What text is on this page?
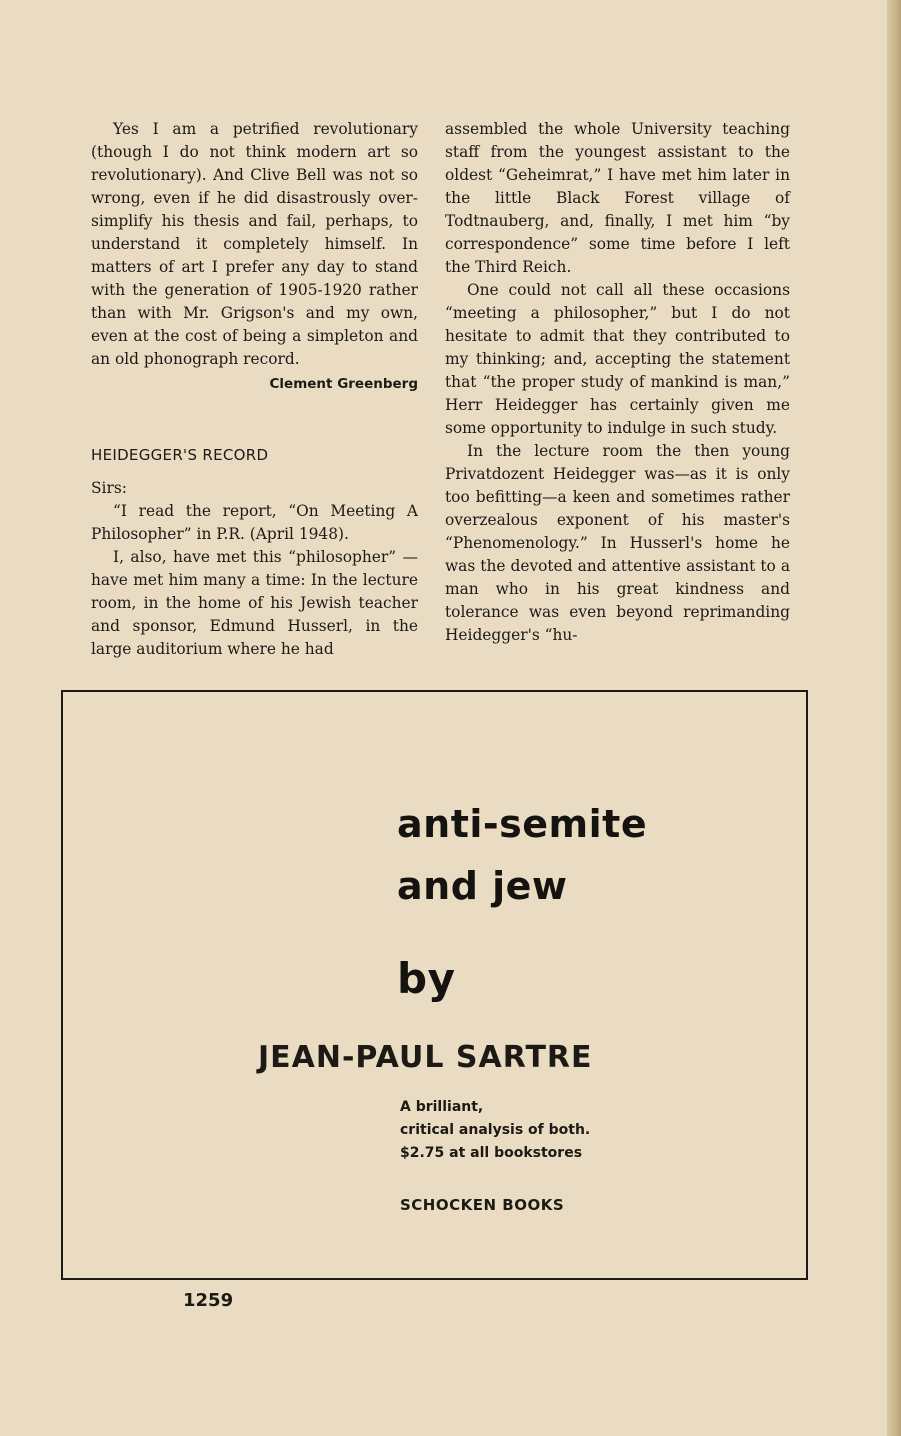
Yes I am a petrified revolutionary (though I do not think modern art so revolutionary). And Clive Bell was not so wrong, even if he did disastrously over-simplify his thesis and fail, perhaps, to understand it completely himself. In matters of art I prefer any day to stand with the generation of 1905-1920 rather than with Mr. Grigson's and my own, even at the cost of being a simpleton and an old phonograph record.

Clement Greenberg
HEIDEGGER'S RECORD

Sirs:

“I read the report, “On Meeting A Philosopher” in P.R. (April 1948).

I, also, have met this “philosopher” —have met him many a time: In the lecture room, in the home of his Jewish teacher and sponsor, Edmund Husserl, in the large auditorium where he had

assembled the whole University teaching staff from the youngest assistant to the oldest “Geheimrat,” I have met him later in the little Black Forest village of Todtnauberg, and, finally, I met him “by correspondence” some time before I left the Third Reich.

One could not call all these occasions “meeting a philosopher,” but I do not hesitate to admit that they contributed to my thinking; and, accepting the statement that “the proper study of mankind is man,” Herr Heidegger has certainly given me some opportunity to indulge in such study.

In the lecture room the then young Privatdozent Heidegger was—as it is only too befitting—a keen and sometimes rather overzealous exponent of his master's “Phenomenology.” In Husserl's home he was the devoted and attentive assistant to a man who in his great kindness and tolerance was even beyond reprimanding Heidegger's “hu-

anti-semite
and jew
by
JEAN-PAUL SARTRE
A brilliant,
critical analysis of both.
$2.75 at all bookstores
SCHOCKEN BOOKS
1259
